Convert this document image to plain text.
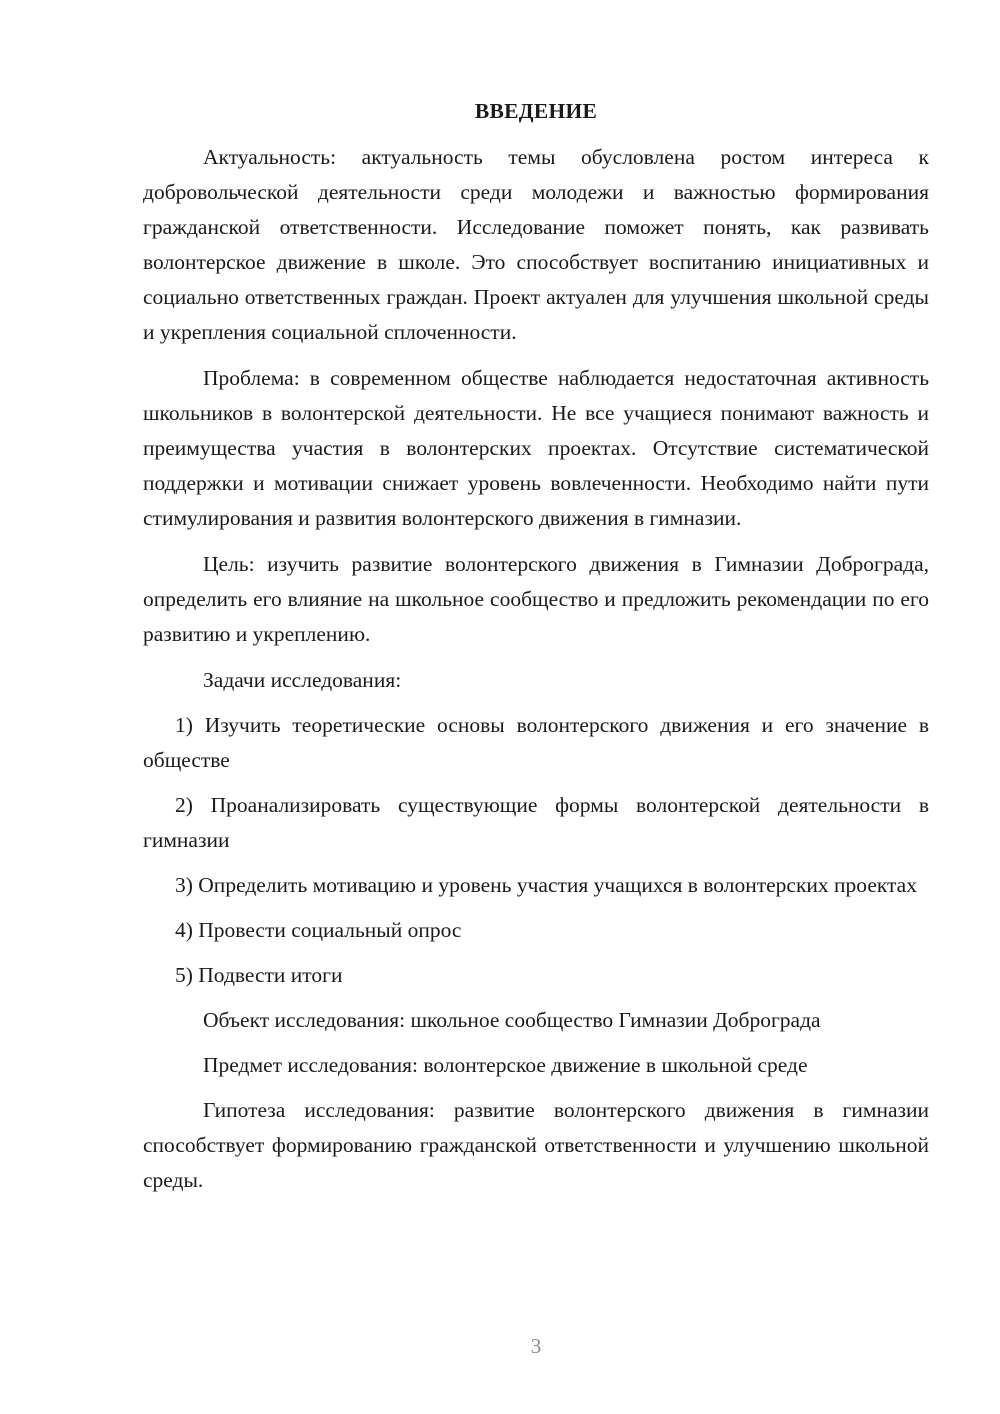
ВВЕДЕНИЕ

Актуальность: актуальность темы обусловлена ростом интереса к добровольческой деятельности среди молодежи и важностью формирования гражданской ответственности. Исследование поможет понять, как развивать волонтерское движение в школе. Это способствует воспитанию инициативных и социально ответственных граждан. Проект актуален для улучшения школьной среды и укрепления социальной сплоченности.

Проблема: в современном обществе наблюдается недостаточная активность школьников в волонтерской деятельности. Не все учащиеся понимают важность и преимущества участия в волонтерских проектах. Отсутствие систематической поддержки и мотивации снижает уровень вовлеченности. Необходимо найти пути стимулирования и развития волонтерского движения в гимназии.

Цель: изучить развитие волонтерского движения в Гимназии Доброграда, определить его влияние на школьное сообщество и предложить рекомендации по его развитию и укреплению.

Задачи исследования:

1) Изучить теоретические основы волонтерского движения и его значение в обществе

2) Проанализировать существующие формы волонтерской деятельности в гимназии

3) Определить мотивацию и уровень участия учащихся в волонтерских проектах

4) Провести социальный опрос

5) Подвести итоги

Объект исследования: школьное сообщество Гимназии Доброграда

Предмет исследования: волонтерское движение в школьной среде

Гипотеза исследования: развитие волонтерского движения в гимназии способствует формированию гражданской ответственности и улучшению школьной среды.

3
